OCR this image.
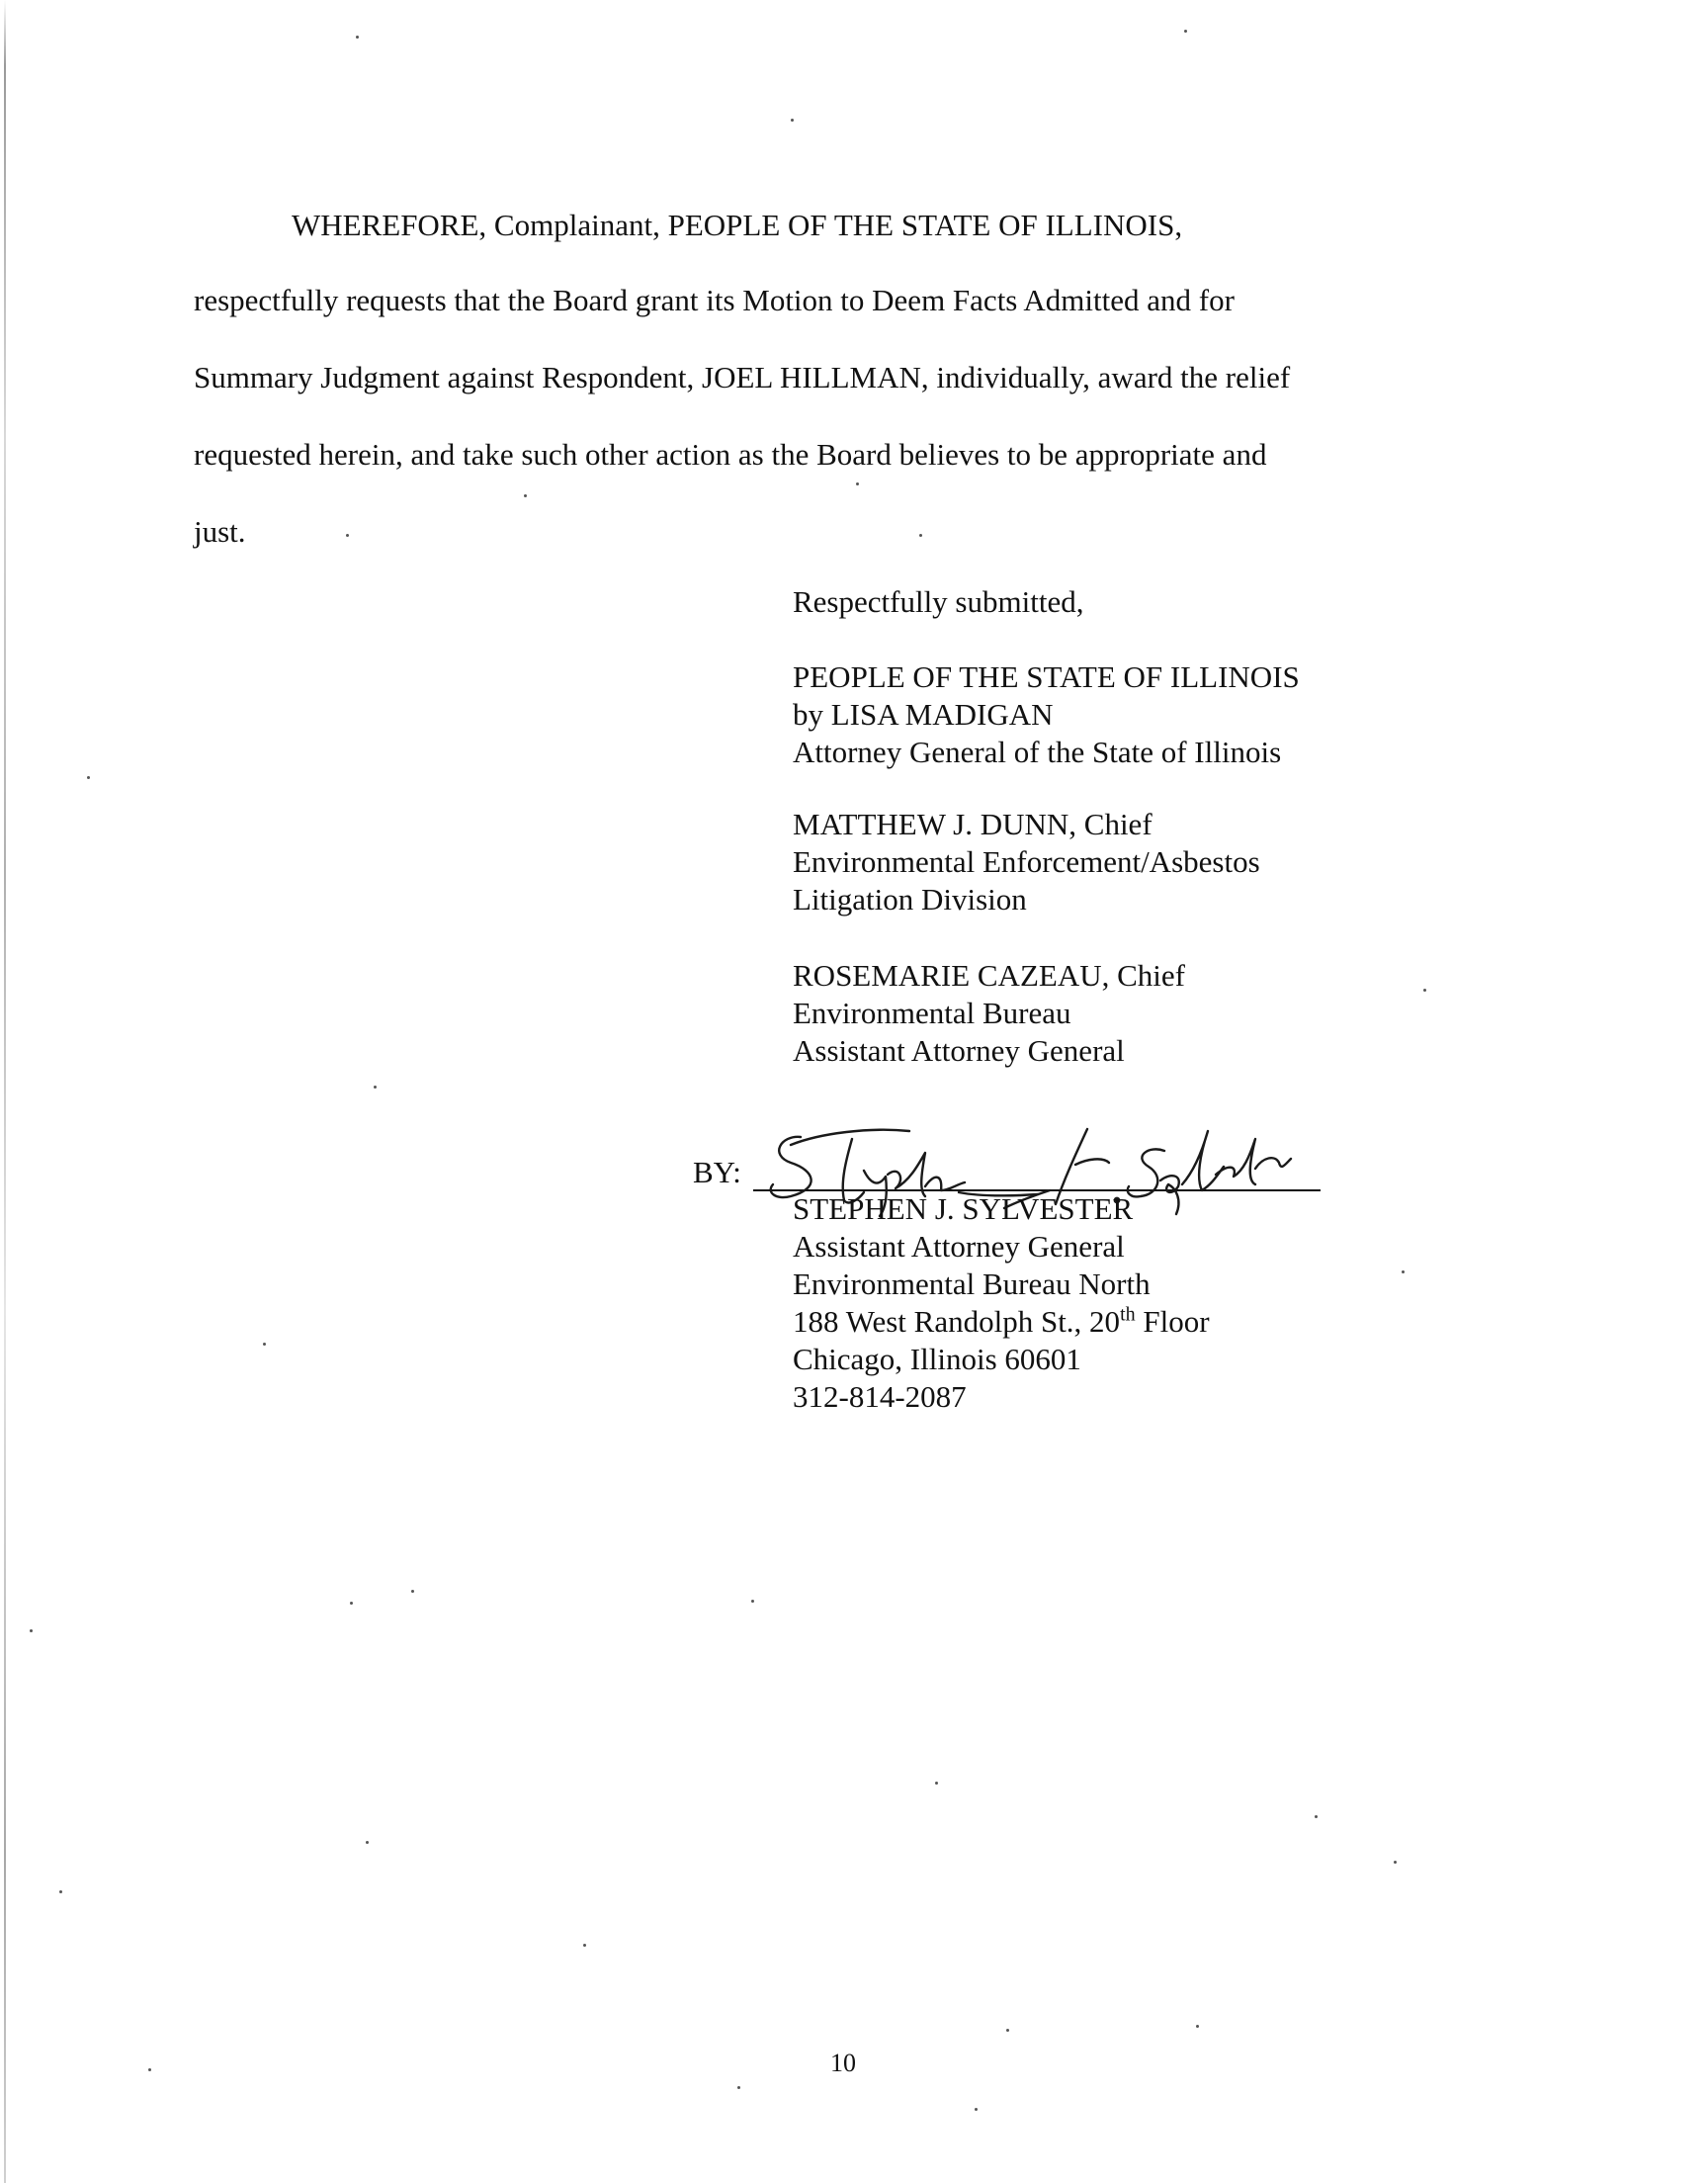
WHEREFORE, Complainant, PEOPLE OF THE STATE OF ILLINOIS,
respectfully requests that the Board grant its Motion to Deem Facts Admitted and for
Summary Judgment against Respondent, JOEL HILLMAN, individually, award the relief
requested herein, and take such other action as the Board believes to be appropriate and
just.
Respectfully submitted,
PEOPLE OF THE STATE OF ILLINOIS
by LISA MADIGAN
Attorney General of the State of Illinois
MATTHEW J. DUNN, Chief
Environmental Enforcement/Asbestos
Litigation Division
ROSEMARIE CAZEAU, Chief
Environmental Bureau
Assistant Attorney General
BY:
STEPHEN J. SYLVESTER
Assistant Attorney General
Environmental Bureau North
188 West Randolph St., 20th Floor
Chicago, Illinois 60601
312-814-2087
10
